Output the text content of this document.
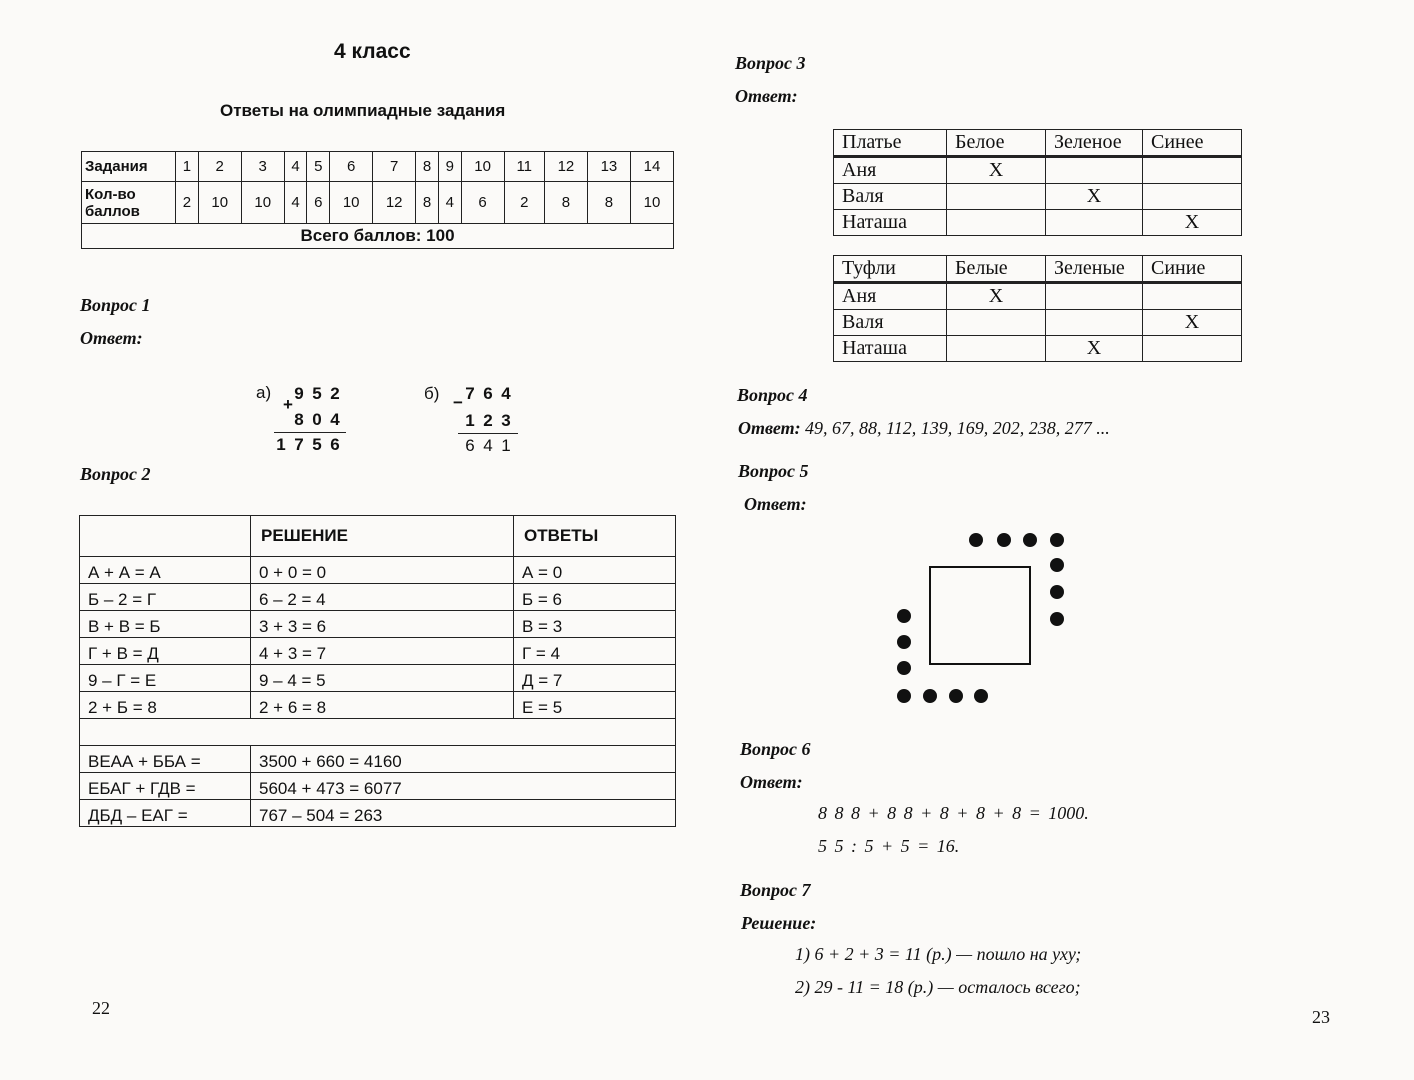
4 класс
Ответы на олимпиадные задания
Задания	1	2	3	4	5	6	7	8	9	10	11	12	13	14
Кол-во баллов	2	10	10	4	6	10	12	8	4	6	2	8	8	10
Всего баллов: 100														
Вопрос 1
Ответ:
а)
+
9 5 2
8 0 4
1 7 5 6
б) − 7 6 4
1 2 3
6 4 1
Вопрос 2
	РЕШЕНИЕ	ОТВЕТЫ
А + А = А	0 + 0 = 0	А = 0
Б – 2 = Г	6 – 2 = 4	Б = 6
В + В = Б	3 + 3 = 6	В = 3
Г + В = Д	4 + 3 = 7	Г = 4
9 – Г = Е	9 – 4 = 5	Д = 7
2 + Б = 8	2 + 6 = 8	Е = 5

ВЕАА + ББА =	3500 + 660 = 4160	
ЕБАГ + ГДВ =	5604 + 473 = 6077	
ДБД – ЕАГ =	767 – 504 = 263	
22
Вопрос 3
Ответ:
Платье	Белое	Зеленое	Синее
Аня	X		
Валя		X	
Наташа			X
Туфли	Белые	Зеленые	Синие
Аня	X		
Валя			X
Наташа		X	
Вопрос 4
Ответ: 49, 67, 88, 112, 139, 169, 202, 238, 277 ...
Вопрос 5
Ответ:
Вопрос 6
Ответ:
8 8 8 + 8 8 + 8 + 8 + 8 = 1000.
5 5 : 5 + 5 = 16.
Вопрос 7
Решение:
1) 6 + 2 + 3 = 11 (р.) — пошло на уху;
2) 29 - 11 = 18 (р.) — осталось всего;
23
